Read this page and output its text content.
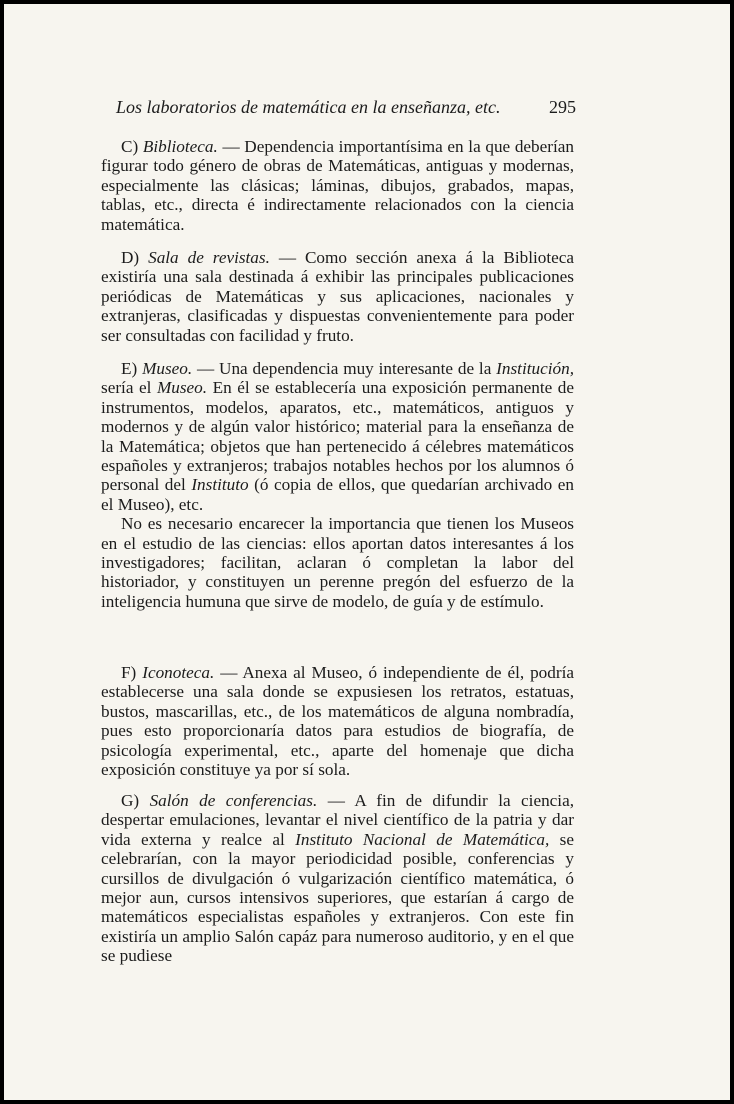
Los laboratorios de matemática en la enseñanza, etc.	295

C) Biblioteca. — Dependencia importantísima en la que deberían figurar todo género de obras de Matemáticas, antiguas y modernas, especialmente las clásicas; láminas, dibujos, grabados, mapas, tablas, etc., directa é indirectamente relacionados con la ciencia matemática.

D) Sala de revistas. — Como sección anexa á la Biblioteca existiría una sala destinada á exhibir las principales publicaciones periódicas de Matemáticas y sus aplicaciones, nacionales y extranjeras, clasificadas y dispuestas convenientemente para poder ser consultadas con facilidad y fruto.

E) Museo. — Una dependencia muy interesante de la Institución, sería el Museo. En él se establecería una exposición permanente de instrumentos, modelos, aparatos, etc., matemáticos, antiguos y modernos y de algún valor histórico; material para la enseñanza de la Matemática; objetos que han pertenecido á célebres matemáticos españoles y extranjeros; trabajos notables hechos por los alumnos ó personal del Instituto (ó copia de ellos, que quedarían archivado en el Museo), etc.

No es necesario encarecer la importancia que tienen los Museos en el estudio de las ciencias: ellos aportan datos interesantes á los investigadores; facilitan, aclaran ó completan la labor del historiador, y constituyen un perenne pregón del esfuerzo de la inteligencia humuna que sirve de modelo, de guía y de estímulo.

F) Iconoteca. — Anexa al Museo, ó independiente de él, podría establecerse una sala donde se expusiesen los retratos, estatuas, bustos, mascarillas, etc., de los matemáticos de alguna nombradía, pues esto proporcionaría datos para estudios de biografía, de psicología experimental, etc., aparte del homenaje que dicha exposición constituye ya por sí sola.

G) Salón de conferencias. — A fin de difundir la ciencia, despertar emulaciones, levantar el nivel científico de la patria y dar vida externa y realce al Instituto Nacional de Matemática, se celebrarían, con la mayor periodicidad posible, conferencias y cursillos de divulgación ó vulgarización científico matemática, ó mejor aun, cursos intensivos superiores, que estarían á cargo de matemáticos especialistas españoles y extranjeros. Con este fin existiría un amplio Salón capáz para numeroso auditorio, y en el que se pudiese
